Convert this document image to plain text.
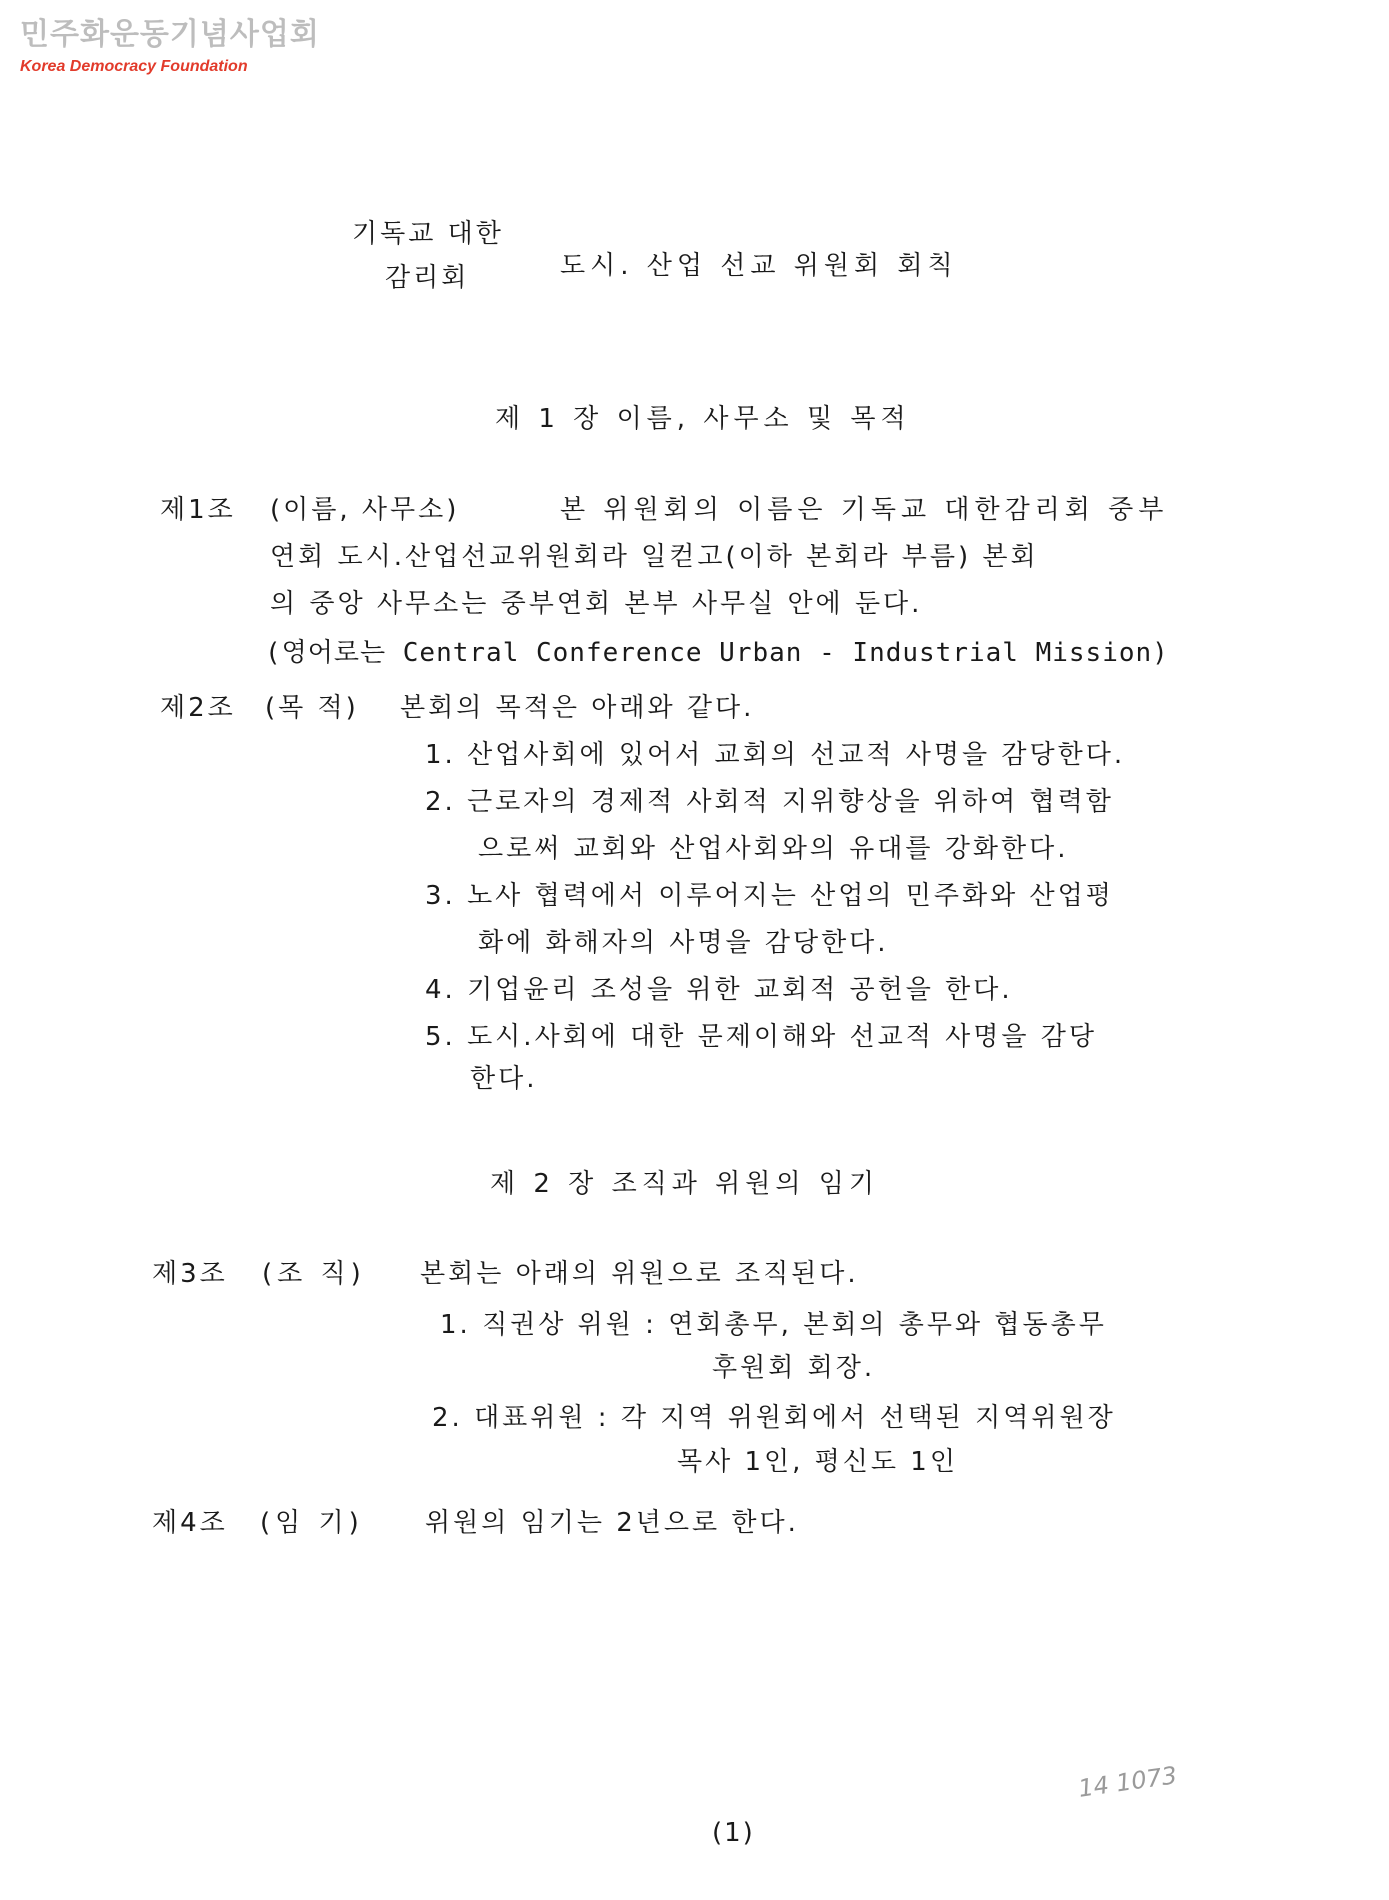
민주화운동기념사업회
Korea Democracy Foundation
기독교 대한
감리회	도시. 산업 선교 위원회 회칙
제 1 장 이름, 사무소 및 목적
제1조 (이름, 사무소)	본 위원회의 이름은 기독교 대한감리회 중부
연회 도시.산업선교위원회라 일컫고(이하 본회라 부름) 본회
의 중앙 사무소는 중부연회 본부 사무실 안에 둔다.
(영어로는 Central Conference Urban - Industrial Mission)
제2조 (목 적) 본회의 목적은 아래와 같다.
1. 산업사회에 있어서 교회의 선교적 사명을 감당한다.
2. 근로자의 경제적 사회적 지위향상을 위하여 협력함
으로써 교회와 산업사회와의 유대를 강화한다.
3. 노사 협력에서 이루어지는 산업의 민주화와 산업평
화에 화해자의 사명을 감당한다.
4. 기업윤리 조성을 위한 교회적 공헌을 한다.
5. 도시.사회에 대한 문제이해와 선교적 사명을 감당
한다.
제 2 장 조직과 위원의 임기
제3조 (조 직) 본회는 아래의 위원으로 조직된다.
1. 직권상 위원 : 연회총무, 본회의 총무와 협동총무
후원회 회장.
2. 대표위원 : 각 지역 위원회에서 선택된 지역위원장
목사 1인, 평신도 1인
제4조 (임 기) 위원의 임기는 2년으로 한다.
14 1073
(1)
